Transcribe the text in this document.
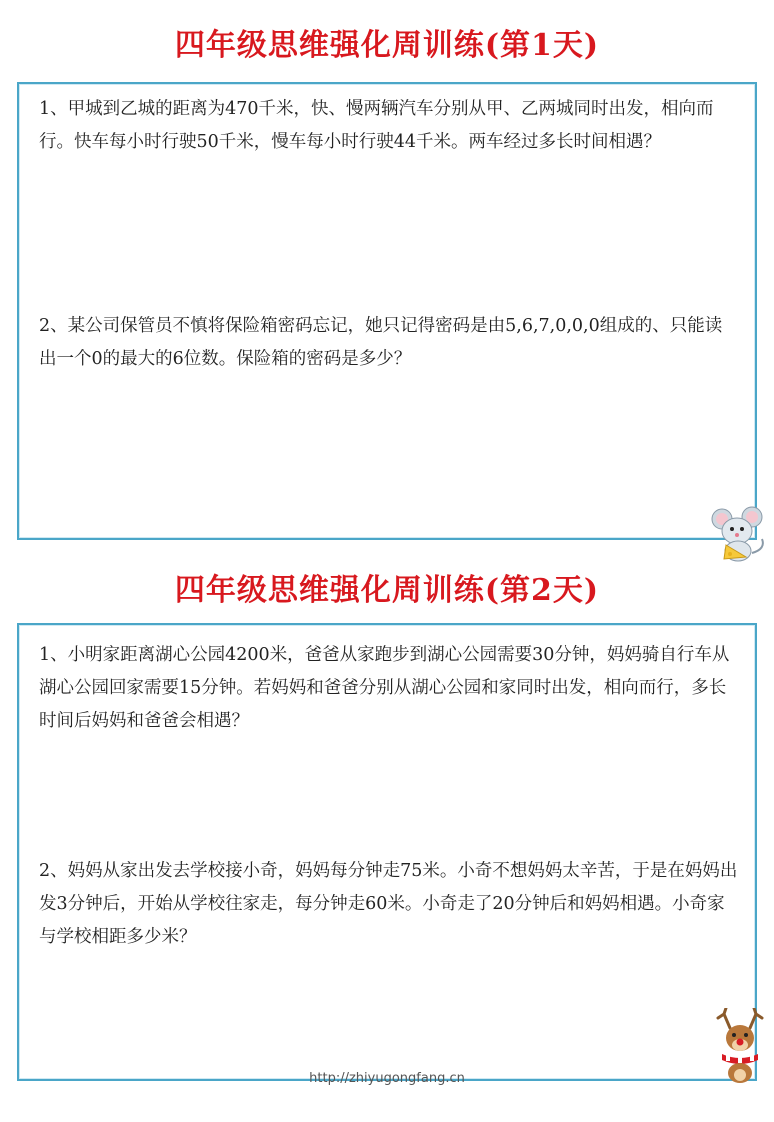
四年级思维强化周训练(第1天)

1、甲城到乙城的距离为470千米，快、慢两辆汽车分别从甲、乙两城同时出发，相向而行。快车每小时行驶50千米，慢车每小时行驶44千米。两车经过多长时间相遇？

2、某公司保管员不慎将保险箱密码忘记，她只记得密码是由5,6,7,0,0,0组成的、只能读出一个0的最大的6位数。保险箱的密码是多少？

四年级思维强化周训练(第2天)

1、小明家距离湖心公园4200米，爸爸从家跑步到湖心公园需要30分钟，妈妈骑自行车从湖心公园回家需要15分钟。若妈妈和爸爸分别从湖心公园和家同时出发，相向而行，多长时间后妈妈和爸爸会相遇？

2、妈妈从家出发去学校接小奇，妈妈每分钟走75米。小奇不想妈妈太辛苦，于是在妈妈出发3分钟后，开始从学校往家走，每分钟走60米。小奇走了20分钟后和妈妈相遇。小奇家与学校相距多少米？

http://zhiyugongfang.cn
